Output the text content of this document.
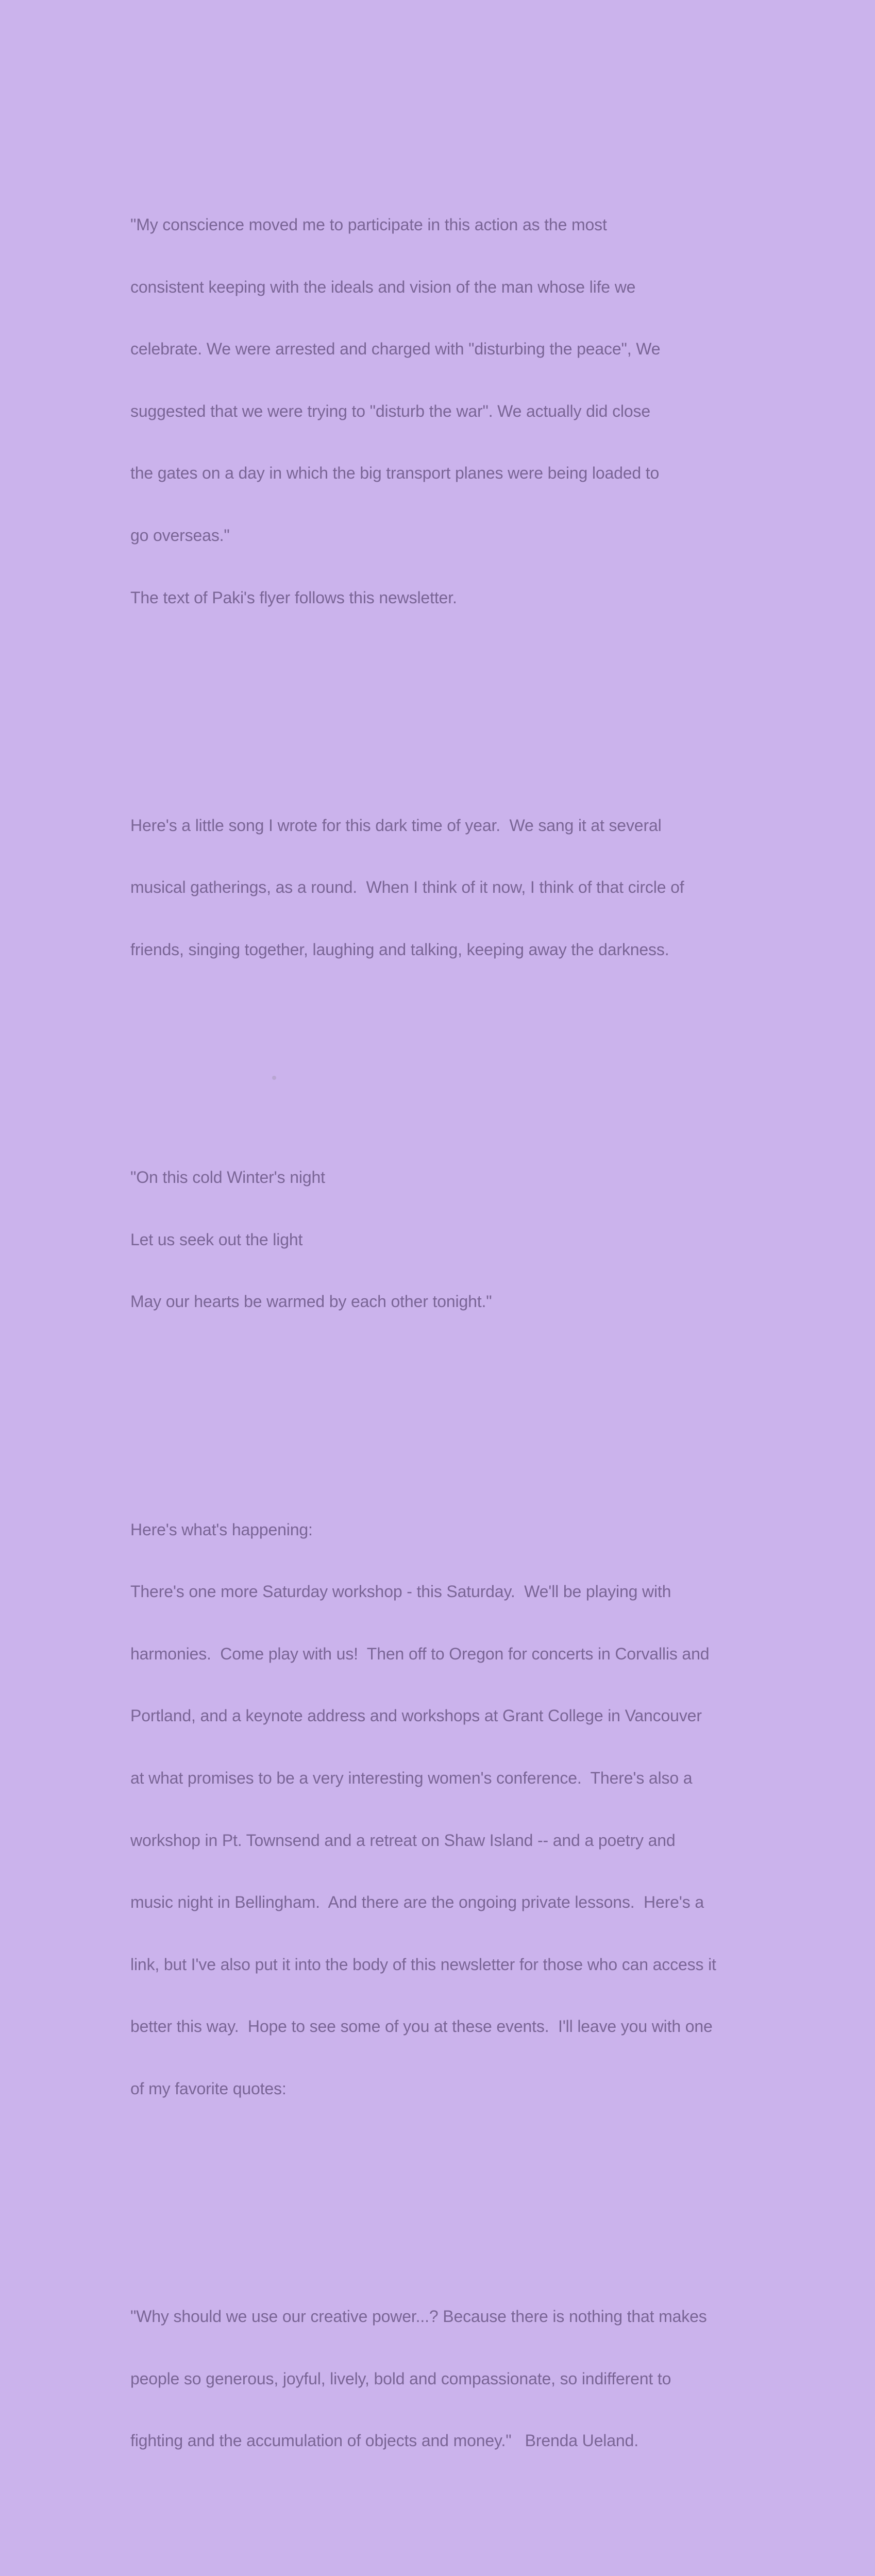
"My conscience moved me to participate in this action as the most

consistent keeping with the ideals and vision of the man whose life we

celebrate. We were arrested and charged with "disturbing the peace", We

suggested that we were trying to "disturb the war". We actually did close

the gates on a day in which the big transport planes were being loaded to

go overseas."

The text of Paki's flyer follows this newsletter.

Here's a little song I wrote for this dark time of year.  We sang it at several

musical gatherings, as a round.  When I think of it now, I think of that circle of

friends, singing together, laughing and talking, keeping away the darkness.

"On this cold Winter's night

Let us seek out the light

May our hearts be warmed by each other tonight."

Here's what's happening:

There's one more Saturday workshop - this Saturday.  We'll be playing with

harmonies.  Come play with us!  Then off to Oregon for concerts in Corvallis and

Portland, and a keynote address and workshops at Grant College in Vancouver

at what promises to be a very interesting women's conference.  There's also a

workshop in Pt. Townsend and a retreat on Shaw Island -- and a poetry and

music night in Bellingham.  And there are the ongoing private lessons.  Here's a

link, but I've also put it into the body of this newsletter for those who can access it

better this way.  Hope to see some of you at these events.  I'll leave you with one

of my favorite quotes:

"Why should we use our creative power...? Because there is nothing that makes

people so generous, joyful, lively, bold and compassionate, so indifferent to

fighting and the accumulation of objects and money."   Brenda Ueland.
